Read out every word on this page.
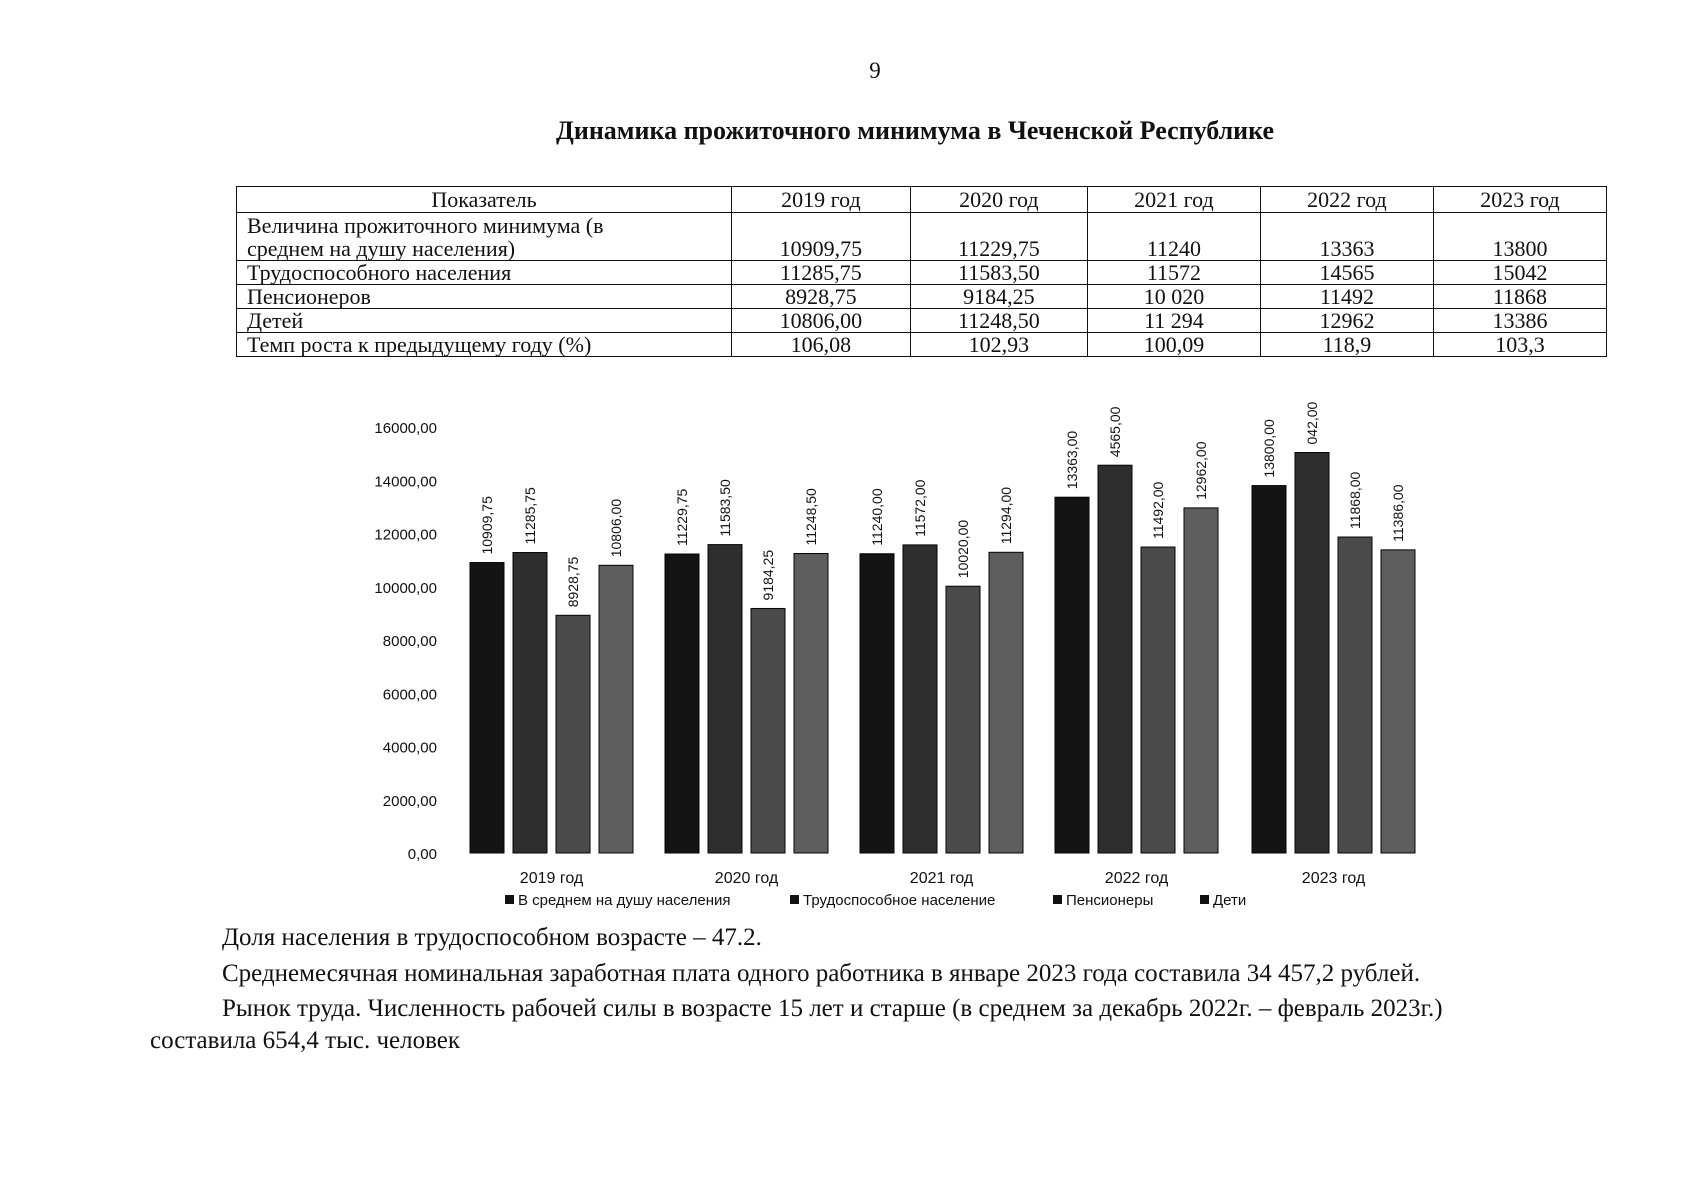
9
Динамика прожиточного минимума в Чеченской Республике
Показатель	2019 год	2020 год	2021 год	2022 год	2023 год
Величина прожиточного минимума (в
среднем на душу населения)	10909,75	11229,75	11240	13363	13800
Трудоспособного населения	11285,75	11583,50	11572	14565	15042
Пенсионеров	8928,75	9184,25	10 020	11492	11868
Детей	10806,00	11248,50	11 294	12962	13386
Темп роста к предыдущему году (%)	106,08	102,93	100,09	118,9	103,3
0,00
2000,00
4000,00
6000,00
8000,00
10000,00
12000,00
14000,00
16000,00
10909,75 11285,75
8928,75
10806,00
2019 год
11229,75 11583,50
9184,25
11248,50
2020 год
11240,00 11572,00
10020,00
11294,00
2021 год
13363,00 4565,00
11492,00
12962,00
2022 год
13800,00 042,00
11868,00 11386,00
2023 год
В среднем на душу населения	Трудоспособное население	Пенсионеры	Дети
Доля населения в трудоспособном возрасте – 47.2.
Среднемесячная номинальная заработная плата одного работника в январе 2023 года составила 34 457,2 рублей.
Рынок труда. Численность рабочей силы в возрасте 15 лет и старше (в среднем за декабрь 2022г. – февраль 2023г.)
составила 654,4 тыс. человек
